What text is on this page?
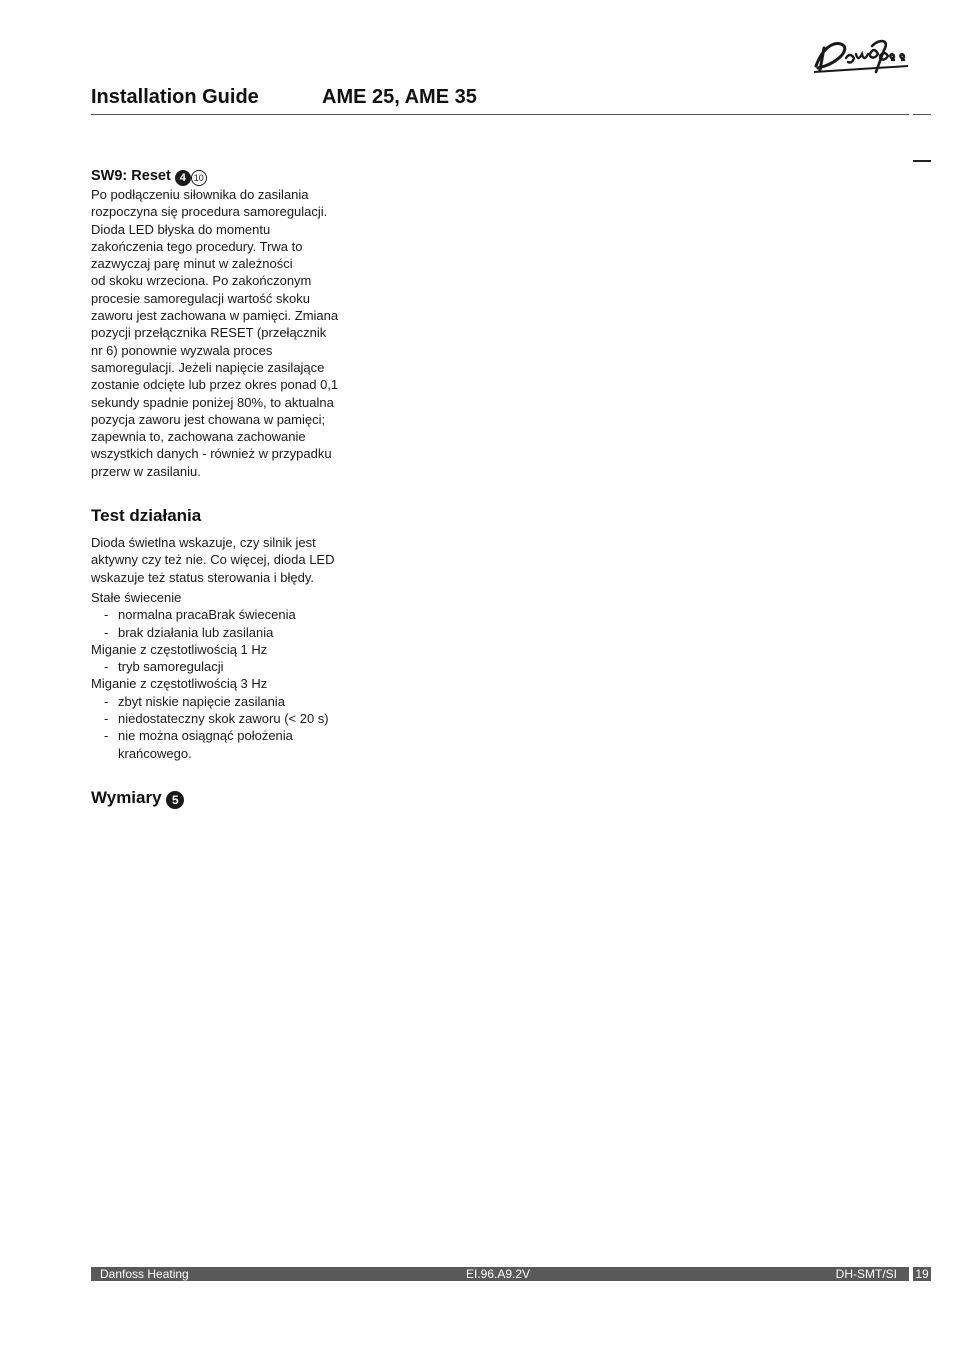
Installation Guide	AME 25, AME 35
SW9: Reset 4 10

Po podłączeniu siłownika do zasilania
rozpoczyna się procedura samoregulacji.
Dioda LED błyska do momentu
zakończenia tego procedury. Trwa to
zazwyczaj parę minut w zależności
od skoku wrzeciona. Po zakończonym
procesie samoregulacji wartość skoku
zaworu jest zachowana w pamięci. Zmiana
pozycji przełącznika RESET (przełącznik
nr 6) ponownie wyzwala proces
samoregulacji. Jeżeli napięcie zasilające
zostanie odcięte lub przez okres ponad 0,1
sekundy spadnie poniżej 80%, to aktualna
pozycja zaworu jest chowana w pamięci;
zapewnia to, zachowana zachowanie
wszystkich danych - również w przypadku
przerw w zasilaniu.

Test działania

Dioda świetlna wskazuje, czy silnik jest
aktywny czy też nie. Co więcej, dioda LED
wskazuje też status sterowania i błędy.

Stałe świecenie
- normalna pracaBrak świecenia
- brak działania lub zasilania
Miganie z częstotliwością 1 Hz
- tryb samoregulacji
Miganie z częstotliwością 3 Hz
- zbyt niskie napięcie zasilania
- niedostateczny skok zaworu (< 20 s)
- nie można osiągnąć położenia
krańcowego.
Wymiary 5
Danfoss Heating	EI.96.A9.2V	DH-SMT/SI 19
